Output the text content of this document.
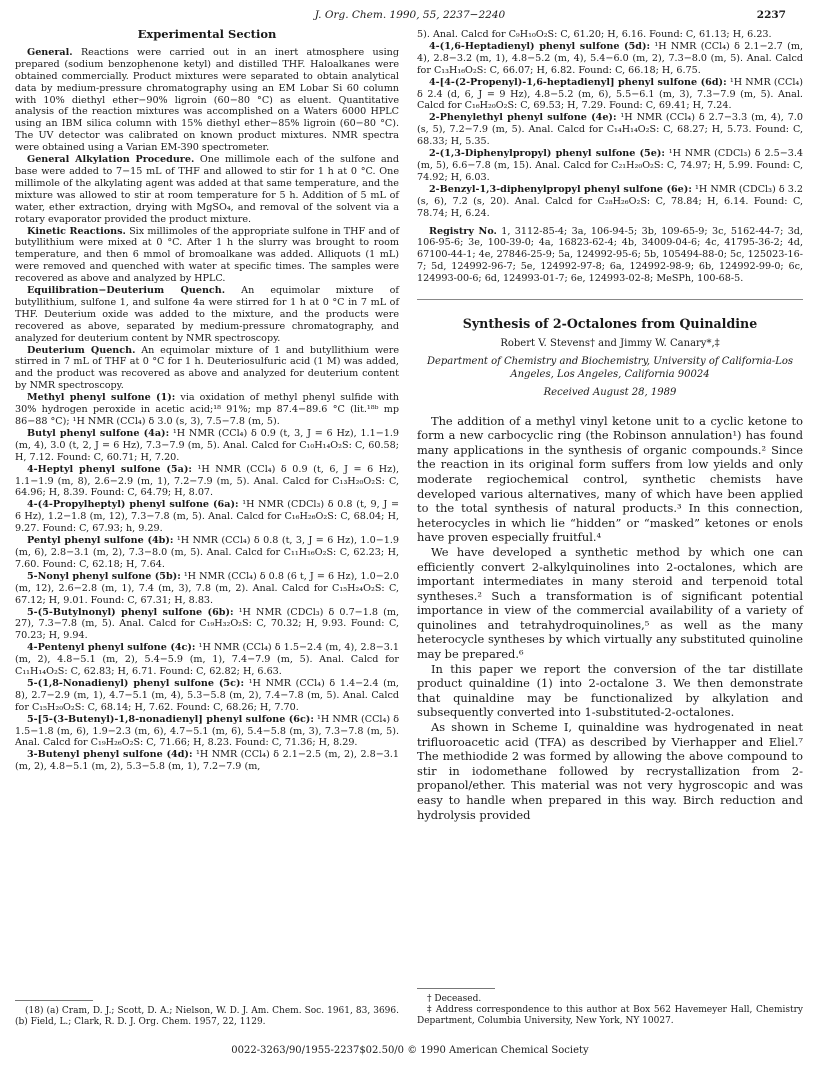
J. Org. Chem. 1990, 55, 2237−2240	2237
Experimental Section

General. Reactions were carried out in an inert atmosphere using prepared (sodium benzophenone ketyl) and distilled THF. Haloalkanes were obtained commercially. Product mixtures were separated to obtain analytical data by medium-pressure chromatography using an EM Lobar Si 60 column with 10% diethyl ether−90% ligroin (60−80 °C) as eluent. Quantitative analysis of the reaction mixtures was accomplished on a Waters 6000 HPLC using an IBM silica column with 15% diethyl ether−85% ligroin (60−80 °C). The UV detector was calibrated on known product mixtures. NMR spectra were obtained using a Varian EM-390 spectrometer.

General Alkylation Procedure. One millimole each of the sulfone and base were added to 7−15 mL of THF and allowed to stir for 1 h at 0 °C. One millimole of the alkylating agent was added at that same temperature, and the mixture was allowed to stir at room temperature for 5 h. Addition of 5 mL of water, ether extraction, drying with MgSO₄, and removal of the solvent via a rotary evaporator provided the product mixture.

Kinetic Reactions. Six millimoles of the appropriate sulfone in THF and of butyllithium were mixed at 0 °C. After 1 h the slurry was brought to room temperature, and then 6 mmol of bromoalkane was added. Alliquots (1 mL) were removed and quenched with water at specific times. The samples were recovered as above and analyzed by HPLC.

Equilibration−Deuterium Quench. An equimolar mixture of butyllithium, sulfone 1, and sulfone 4a were stirred for 1 h at 0 °C in 7 mL of THF. Deuterium oxide was added to the mixture, and the products were recovered as above, separated by medium-pressure chromatography, and analyzed for deuterium content by NMR spectroscopy.

Deuterium Quench. An equimolar mixture of 1 and butyllithium were stirred in 7 mL of THF at 0 °C for 1 h. Deuteriosulfuric acid (1 M) was added, and the product was recovered as above and analyzed for deuterium content by NMR spectroscopy.

Methyl phenyl sulfone (1): via oxidation of methyl phenyl sulfide with 30% hydrogen peroxide in acetic acid;¹⁸ 91%; mp 87.4−89.6 °C (lit.¹⁸ᵇ mp 86−88 °C); ¹H NMR (CCl₄) δ 3.0 (s, 3), 7.5−7.8 (m, 5).

Butyl phenyl sulfone (4a): ¹H NMR (CCl₄) δ 0.9 (t, 3, J = 6 Hz), 1.1−1.9 (m, 4), 3.0 (t, 2, J = 6 Hz), 7.3−7.9 (m, 5). Anal. Calcd for C₁₀H₁₄O₂S: C, 60.58; H, 7.12. Found: C, 60.71; H, 7.20.

4-Heptyl phenyl sulfone (5a): ¹H NMR (CCl₄) δ 0.9 (t, 6, J = 6 Hz), 1.1−1.9 (m, 8), 2.6−2.9 (m, 1), 7.2−7.9 (m, 5). Anal. Calcd for C₁₃H₂₀O₂S: C, 64.96; H, 8.39. Found: C, 64.79; H, 8.07.

4-(4-Propylheptyl) phenyl sulfone (6a): ¹H NMR (CDCl₃) δ 0.8 (t, 9, J = 6 Hz), 1.2−1.8 (m, 12), 7.3−7.8 (m, 5). Anal. Calcd for C₁₆H₂₆O₂S: C, 68.04; H, 9.27. Found: C, 67.93; h, 9.29.

Pentyl phenyl sulfone (4b): ¹H NMR (CCl₄) δ 0.8 (t, 3, J = 6 Hz), 1.0−1.9 (m, 6), 2.8−3.1 (m, 2), 7.3−8.0 (m, 5). Anal. Calcd for C₁₁H₁₆O₂S: C, 62.23; H, 7.60. Found: C, 62.18; H, 7.64.

5-Nonyl phenyl sulfone (5b): ¹H NMR (CCl₄) δ 0.8 (6 t, J = 6 Hz), 1.0−2.0 (m, 12), 2.6−2.8 (m, 1), 7.4 (m, 3), 7.8 (m, 2). Anal. Calcd for C₁₅H₂₄O₂S: C, 67.12; H, 9.01. Found: C, 67.31; H, 8.83.

5-(5-Butylnonyl) phenyl sulfone (6b): ¹H NMR (CDCl₃) δ 0.7−1.8 (m, 27), 7.3−7.8 (m, 5). Anal. Calcd for C₁₉H₃₂O₂S: C, 70.32; H, 9.93. Found: C, 70.23; H, 9.94.

4-Pentenyl phenyl sulfone (4c): ¹H NMR (CCl₄) δ 1.5−2.4 (m, 4), 2.8−3.1 (m, 2), 4.8−5.1 (m, 2), 5.4−5.9 (m, 1), 7.4−7.9 (m, 5). Anal. Calcd for C₁₁H₁₄O₂S: C, 62.83; H, 6.71. Found: C, 62.82; H, 6.63.

5-(1,8-Nonadienyl) phenyl sulfone (5c): ¹H NMR (CCl₄) δ 1.4−2.4 (m, 8), 2.7−2.9 (m, 1), 4.7−5.1 (m, 4), 5.3−5.8 (m, 2), 7.4−7.8 (m, 5). Anal. Calcd for C₁₅H₂₀O₂S: C, 68.14; H, 7.62. Found: C, 68.26; H, 7.70.

5-[5-(3-Butenyl)-1,8-nonadienyl] phenyl sulfone (6c): ¹H NMR (CCl₄) δ 1.5−1.8 (m, 6), 1.9−2.3 (m, 6), 4.7−5.1 (m, 6), 5.4−5.8 (m, 3), 7.3−7.8 (m, 5). Anal. Calcd for C₁₉H₂₆O₂S: C, 71.66; H, 8.23. Found: C, 71.36; H, 8.29.

3-Butenyl phenyl sulfone (4d): ¹H NMR (CCl₄) δ 2.1−2.5 (m, 2), 2.8−3.1 (m, 2), 4.8−5.1 (m, 2), 5.3−5.8 (m, 1), 7.2−7.9 (m,

(18) (a) Cram, D. J.; Scott, D. A.; Nielson, W. D. J. Am. Chem. Soc. 1961, 83, 3696. (b) Field, L.; Clark, R. D. J. Org. Chem. 1957, 22, 1129.

5). Anal. Calcd for C₉H₁₀O₂S: C, 61.20; H, 6.16. Found: C, 61.13; H, 6.23.

4-(1,6-Heptadienyl) phenyl sulfone (5d): ¹H NMR (CCl₄) δ 2.1−2.7 (m, 4), 2.8−3.2 (m, 1), 4.8−5.2 (m, 4), 5.4−6.0 (m, 2), 7.3−8.0 (m, 5). Anal. Calcd for C₁₃H₁₆O₂S: C, 66.07; H, 6.82. Found: C, 66.18; H, 6.75.

4-[4-(2-Propenyl)-1,6-heptadienyl] phenyl sulfone (6d): ¹H NMR (CCl₄) δ 2.4 (d, 6, J = 9 Hz), 4.8−5.2 (m, 6), 5.5−6.1 (m, 3), 7.3−7.9 (m, 5). Anal. Calcd for C₁₆H₂₀O₂S: C, 69.53; H, 7.29. Found: C, 69.41; H, 7.24.

2-Phenylethyl phenyl sulfone (4e): ¹H NMR (CCl₄) δ 2.7−3.3 (m, 4), 7.0 (s, 5), 7.2−7.9 (m, 5). Anal. Calcd for C₁₄H₁₄O₂S: C, 68.27; H, 5.73. Found: C, 68.33; H, 5.35.

2-(1,3-Diphenylpropyl) phenyl sulfone (5e): ¹H NMR (CDCl₃) δ 2.5−3.4 (m, 5), 6.6−7.8 (m, 15). Anal. Calcd for C₂₁H₂₀O₂S: C, 74.97; H, 5.99. Found: C, 74.92; H, 6.03.

2-Benzyl-1,3-diphenylpropyl phenyl sulfone (6e): ¹H NMR (CDCl₃) δ 3.2 (s, 6), 7.2 (s, 20). Anal. Calcd for C₂₈H₂₆O₂S: C, 78.84; H, 6.14. Found: C, 78.74; H, 6.24.

Registry No. 1, 3112-85-4; 3a, 106-94-5; 3b, 109-65-9; 3c, 5162-44-7; 3d, 106-95-6; 3e, 100-39-0; 4a, 16823-62-4; 4b, 34009-04-6; 4c, 41795-36-2; 4d, 67100-44-1; 4e, 27846-25-9; 5a, 124992-95-6; 5b, 105494-88-0; 5c, 125023-16-7; 5d, 124992-96-7; 5e, 124992-97-8; 6a, 124992-98-9; 6b, 124992-99-0; 6c, 124993-00-6; 6d, 124993-01-7; 6e, 124993-02-8; MeSPh, 100-68-5.

Synthesis of 2-Octalones from Quinaldine
Robert V. Stevens† and Jimmy W. Canary*,‡
Department of Chemistry and Biochemistry, University of California-Los Angeles, Los Angeles, California 90024
Received August 28, 1989

The addition of a methyl vinyl ketone unit to a cyclic ketone to form a new carbocyclic ring (the Robinson annulation¹) has found many applications in the synthesis of organic compounds.² Since the reaction in its original form suffers from low yields and only moderate regiochemical control, synthetic chemists have developed various alternatives, many of which have been applied to the total synthesis of natural products.³ In this connection, heterocycles in which lie “hidden” or “masked” ketones or enols have proven especially fruitful.⁴

We have developed a synthetic method by which one can efficiently convert 2-alkylquinolines into 2-octalones, which are important intermediates in many steroid and terpenoid total syntheses.² Such a transformation is of significant potential importance in view of the commercial availability of a variety of quinolines and tetrahydroquinolines,⁵ as well as the many heterocycle syntheses by which virtually any substituted quinoline may be prepared.⁶

In this paper we report the conversion of the tar distillate product quinaldine (1) into 2-octalone 3. We then demonstrate that quinaldine may be functionalized by alkylation and subsequently converted into 1-substituted-2-octalones.

As shown in Scheme I, quinaldine was hydrogenated in neat trifluoroacetic acid (TFA) as described by Vierhapper and Eliel.⁷ The methiodide 2 was formed by allowing the above compound to stir in iodomethane followed by recrystallization from 2-propanol/ether. This material was not very hygroscopic and was easy to handle when prepared in this way. Birch reduction and hydrolysis provided

† Deceased.

‡ Address correspondence to this author at Box 562 Havemeyer Hall, Chemistry Department, Columbia University, New York, NY 10027.

0022-3263/90/1955-2237$02.50/0 © 1990 American Chemical Society
